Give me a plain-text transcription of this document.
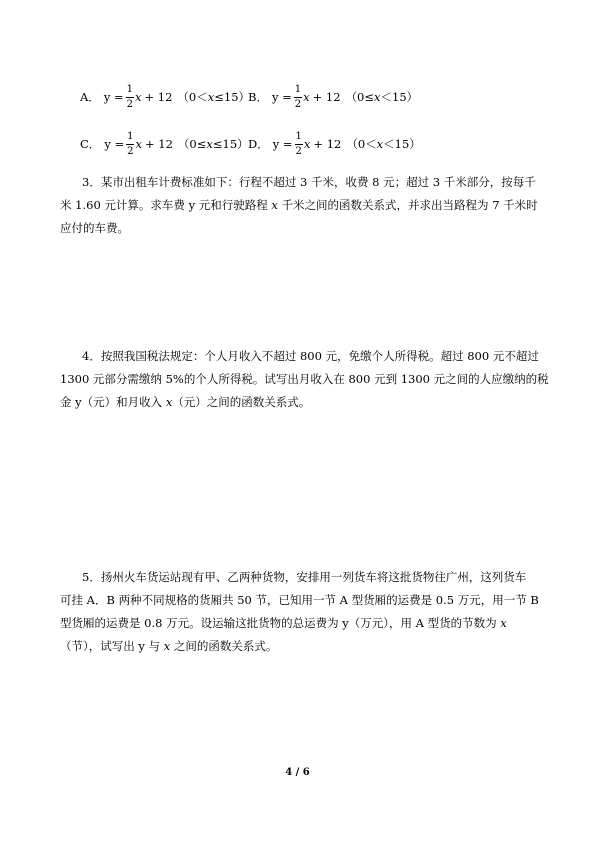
A． $y = \frac{1}{2}$ x + 12 （0＜x≤15）
B． $y = \frac{1}{2}$ x + 12 （0≤x＜15）
C． $y = \frac{1}{2}$ x + 12 （0≤x≤15） D． $y = \frac{1}{2}$ x + 12 （0＜x＜15）
3．某市出租车计费标准如下：行程不超过 3 千米，收费 8 元；超过 3 千米部分，按每千
米 1.60 元计算。求车费 y 元和行驶路程 x 千米之间的函数关系式，并求出当路程为 7 千米时
应付的车费。
4．按照我国税法规定：个人月收入不超过 800 元，免缴个人所得税。超过 800 元不超过
1300 元部分需缴纳 5%的个人所得税。试写出月收入在 800 元到 1300 元之间的人应缴纳的税
金 y（元）和月收入 x（元）之间的函数关系式。
5．扬州火车货运站现有甲、乙两种货物，安排用一列货车将这批货物往广州，这列货车
可挂 A．B 两种不同规格的货厢共 50 节，已知用一节 A 型货厢的运费是 0.5 万元，用一节 B
型货厢的运费是 0.8 万元。设运输这批货物的总运费为 y（万元），用 A 型货的节数为 x
（节），试写出 y 与 x 之间的函数关系式。
4 / 6
